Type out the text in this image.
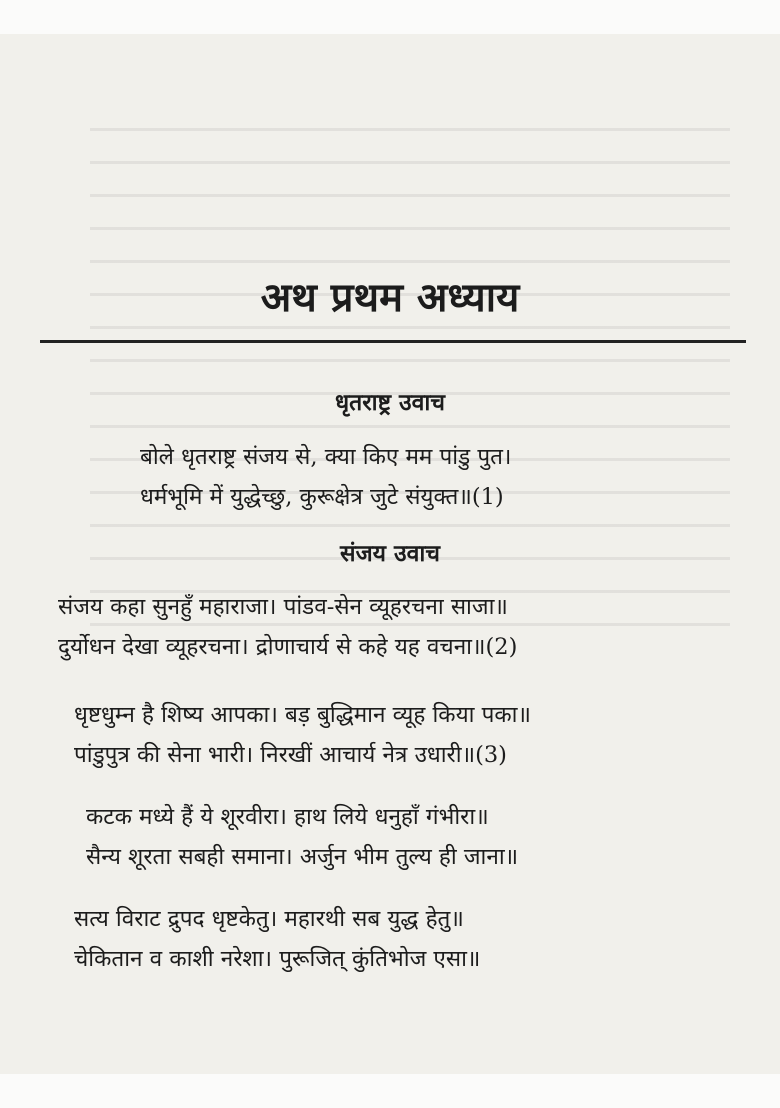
अथ प्रथम अध्याय
धृतराष्ट्र उवाच
बोले धृतराष्ट्र संजय से, क्या किए मम पांडु पुत।
धर्मभूमि में युद्धेच्छु, कुरूक्षेत्र जुटे संयुक्त॥(1)
संजय उवाच
संजय कहा सुनहुँ महाराजा। पांडव-सेन व्यूहरचना साजा॥
दुर्योधन देखा व्यूहरचना। द्रोणाचार्य से कहे यह वचना॥(2)
धृष्टधुम्न है शिष्य आपका। बड़ बुद्धिमान व्यूह किया पका॥
पांडुपुत्र की सेना भारी। निरखीं आचार्य नेत्र उधारी॥(3)
कटक मध्ये हैं ये शूरवीरा। हाथ लिये धनुहाँ गंभीरा॥
सैन्य शूरता सबही समाना। अर्जुन भीम तुल्य ही जाना॥
सत्य विराट द्रुपद धृष्टकेतु। महारथी सब युद्ध हेतु॥
चेकितान व काशी नरेशा। पुरूजित् कुंतिभोज एसा॥
